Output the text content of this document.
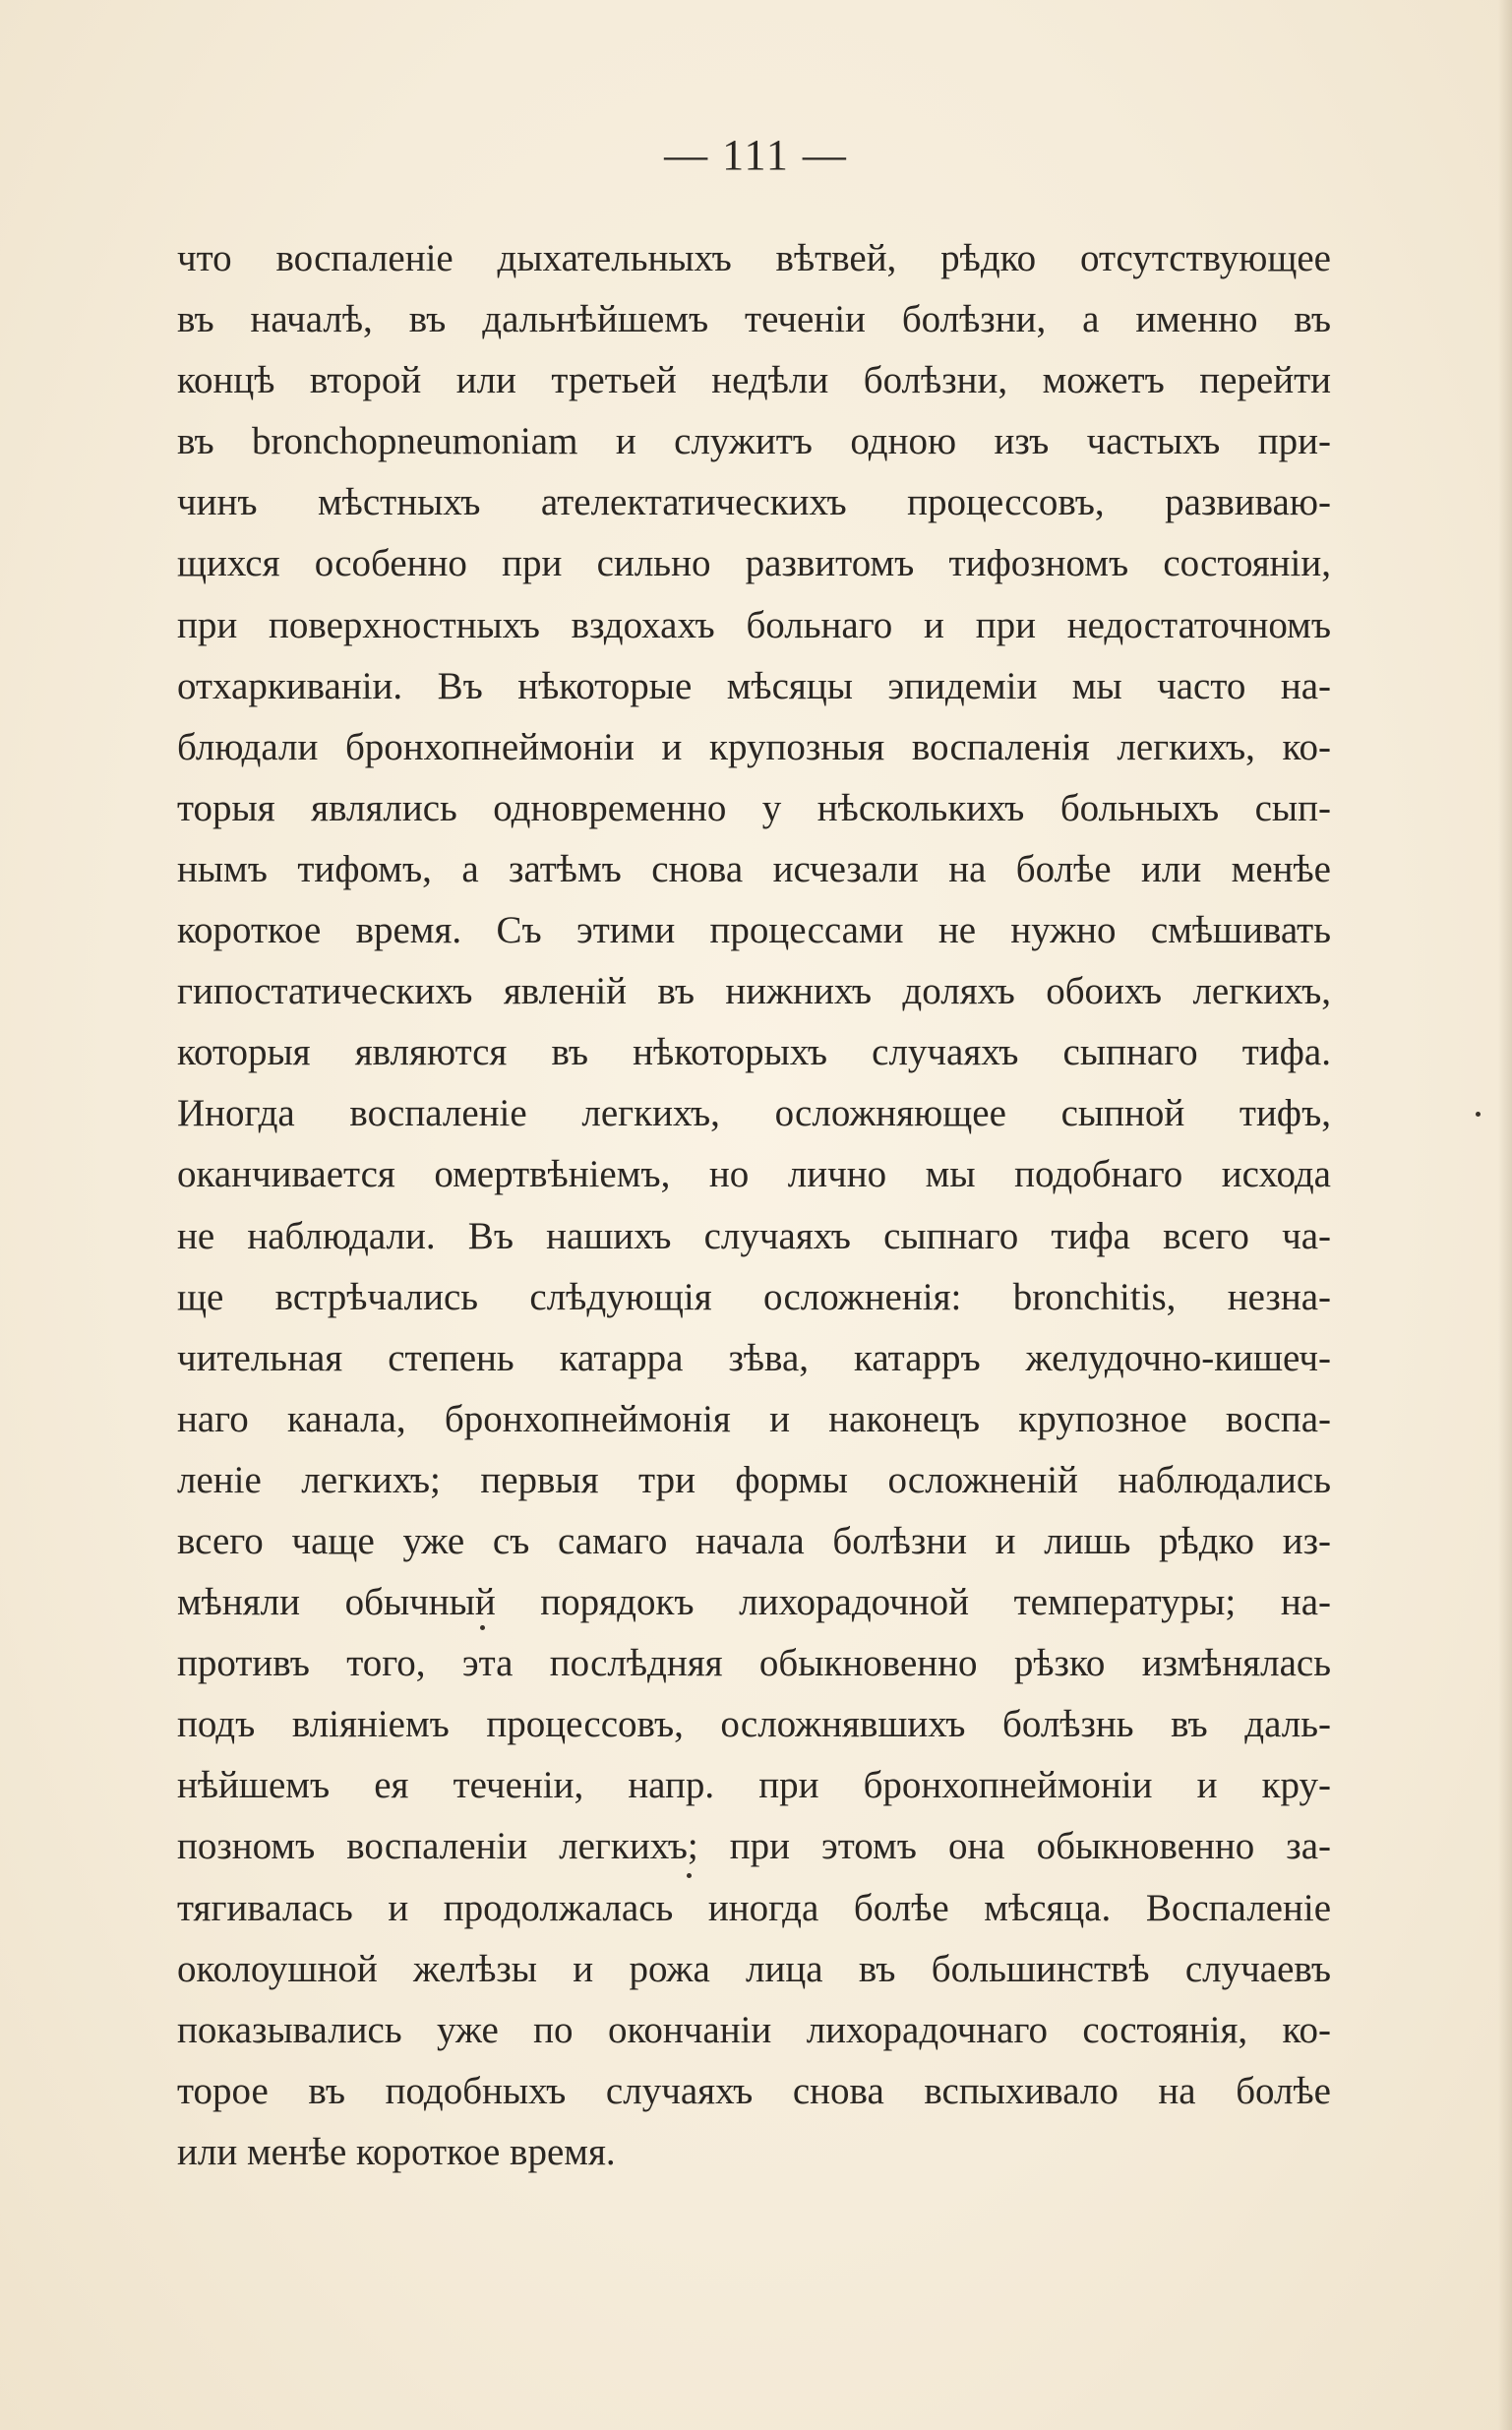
— 111 —
что воспаленіе дыхательныхъ вѣтвей, рѣдко отсутствующее
въ началѣ, въ дальнѣйшемъ теченіи болѣзни, а именно въ
концѣ второй или третьей недѣли болѣзни, можетъ перейти
въ bronchopneumoniam и служитъ одною изъ частыхъ при-
чинъ мѣстныхъ ателектатическихъ процессовъ, развиваю-
щихся особенно при сильно развитомъ тифозномъ состояніи,
при поверхностныхъ вздохахъ больнаго и при недостаточномъ
отхаркиваніи. Въ нѣкоторые мѣсяцы эпидеміи мы часто на-
блюдали бронхопнеймоніи и крупозныя воспаленія легкихъ, ко-
торыя являлись одновременно у нѣсколькихъ больныхъ сып-
нымъ тифомъ, а затѣмъ снова исчезали на болѣе или менѣе
короткое время. Съ этими процессами не нужно смѣшивать
гипостатическихъ явленій въ нижнихъ доляхъ обоихъ легкихъ,
которыя являются въ нѣкоторыхъ случаяхъ сыпнаго тифа.
Иногда воспаленіе легкихъ, осложняющее сыпной тифъ,
оканчивается омертвѣніемъ, но лично мы подобнаго исхода
не наблюдали. Въ нашихъ случаяхъ сыпнаго тифа всего ча-
ще встрѣчались слѣдующія осложненія: bronchitis, незна-
чительная степень катарра зѣва, катарръ желудочно-кишеч-
наго канала, бронхопнеймонія и наконецъ крупозное воспа-
леніе легкихъ; первыя три формы осложненій наблюдались
всего чаще уже съ самаго начала болѣзни и лишь рѣдко из-
мѣняли обычный порядокъ лихорадочной температуры; на-
противъ того, эта послѣдняя обыкновенно рѣзко измѣнялась
подъ вліяніемъ процессовъ, осложнявшихъ болѣзнь въ даль-
нѣйшемъ ея теченіи, напр. при бронхопнеймоніи и кру-
позномъ воспаленіи легкихъ; при этомъ она обыкновенно за-
тягивалась и продолжалась иногда болѣе мѣсяца. Воспаленіе
околоушной желѣзы и рожа лица въ большинствѣ случаевъ
показывались уже по окончаніи лихорадочнаго состоянія, ко-
торое въ подобныхъ случаяхъ снова вспыхивало на болѣе
или менѣе короткое время.
